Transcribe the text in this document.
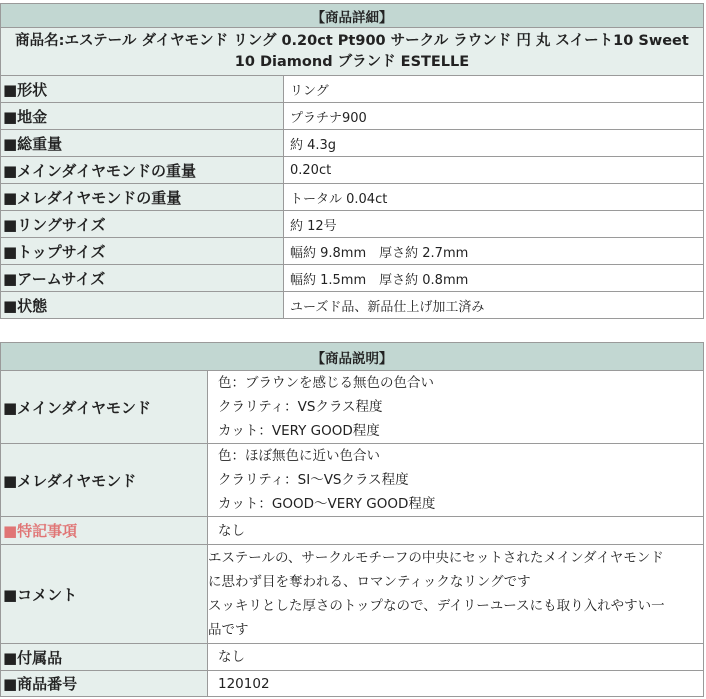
【商品詳細】	
商品名:エステール ダイヤモンド リング 0.20ct Pt900 サークル ラウンド 円 丸 スイート10 Sweet 10 Diamond ブランド ESTELLE	
■形状	リング
■地金	プラチナ900
■総重量	約 4.3g
■メインダイヤモンドの重量	0.20ct
■メレダイヤモンドの重量	トータル 0.04ct
■リングサイズ	約 12号
■トップサイズ	幅約 9.8mm　厚さ約 2.7mm
■アームサイズ	幅約 1.5mm　厚さ約 0.8mm
■状態	ユーズド品、新品仕上げ加工済み
【商品説明】	
■メインダイヤモンド	色：ブラウンを感じる無色の色合い
クラリティ：VSクラス程度
カット：VERY GOOD程度

■メレダイヤモンド	色：ほぼ無色に近い色合い
クラリティ：SI～VSクラス程度
カット：GOOD～VERY GOOD程度

■特記事項	なし
■コメント	エステールの、サークルモチーフの中央にセットされたメインダイヤモンド
に思わず目を奪われる、ロマンティックなリングです
スッキリとした厚さのトップなので、デイリーユースにも取り入れやすい一
品です

■付属品	なし
■商品番号	120102
